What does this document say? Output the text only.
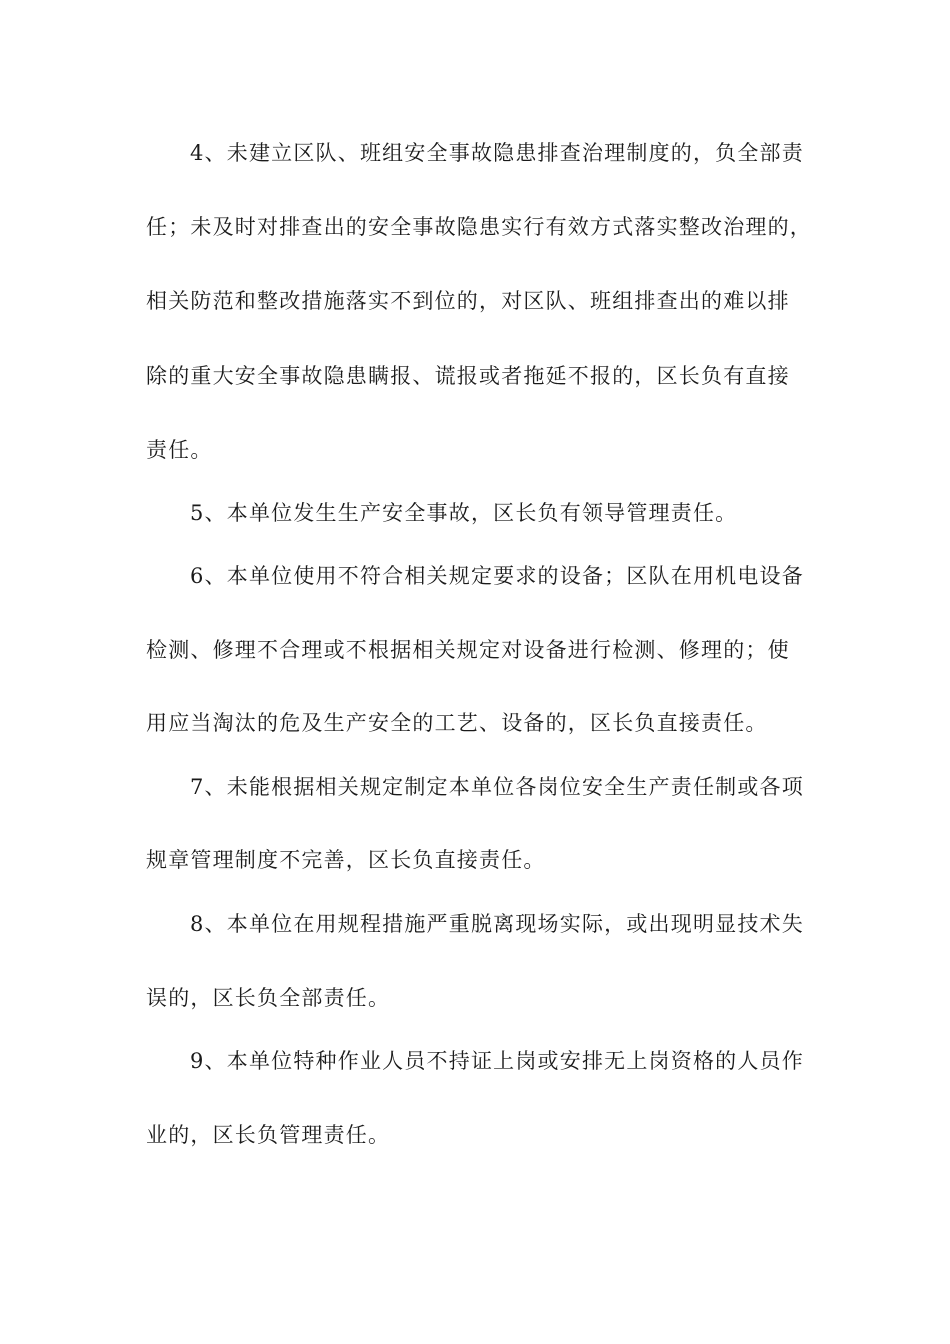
4、未建立区队、班组安全事故隐患排查治理制度的，负全部责
任；未及时对排查出的安全事故隐患实行有效方式落实整改治理的，
相关防范和整改措施落实不到位的，对区队、班组排查出的难以排
除的重大安全事故隐患瞒报、谎报或者拖延不报的，区长负有直接
责任。
5、本单位发生生产安全事故，区长负有领导管理责任。
6、本单位使用不符合相关规定要求的设备；区队在用机电设备
检测、修理不合理或不根据相关规定对设备进行检测、修理的；使
用应当淘汰的危及生产安全的工艺、设备的，区长负直接责任。
7、未能根据相关规定制定本单位各岗位安全生产责任制或各项
规章管理制度不完善，区长负直接责任。
8、本单位在用规程措施严重脱离现场实际，或出现明显技术失
误的，区长负全部责任。
9、本单位特种作业人员不持证上岗或安排无上岗资格的人员作
业的，区长负管理责任。
